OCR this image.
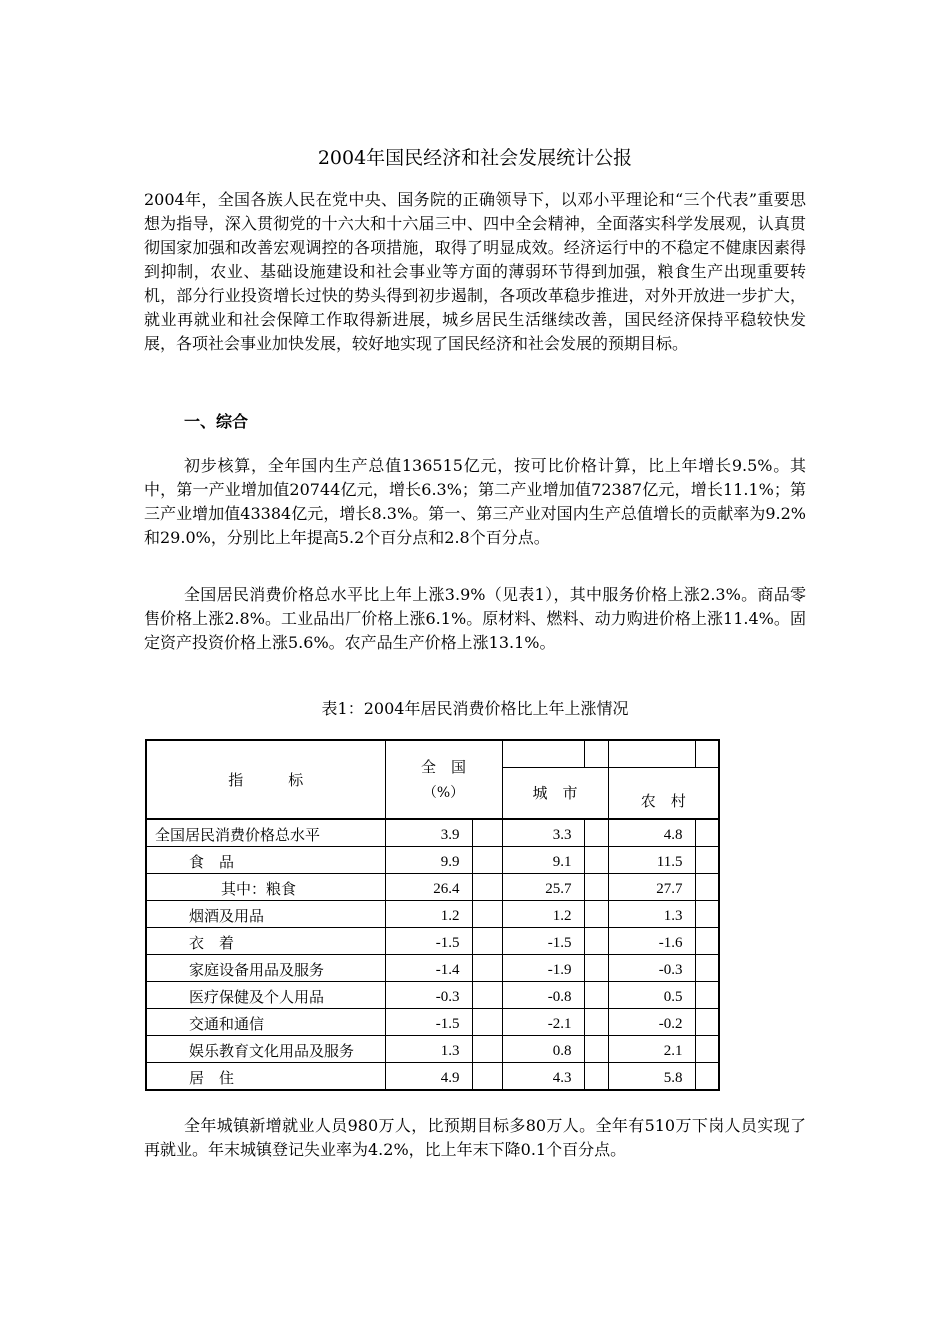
2004年国民经济和社会发展统计公报

2004年，全国各族人民在党中央、国务院的正确领导下，以邓小平理论和“三个代表”重要思想为指导，深入贯彻党的十六大和十六届三中、四中全会精神，全面落实科学发展观，认真贯彻国家加强和改善宏观调控的各项措施，取得了明显成效。经济运行中的不稳定不健康因素得到抑制，农业、基础设施建设和社会事业等方面的薄弱环节得到加强，粮食生产出现重要转机，部分行业投资增长过快的势头得到初步遏制，各项改革稳步推进，对外开放进一步扩大，就业再就业和社会保障工作取得新进展，城乡居民生活继续改善，国民经济保持平稳较快发展，各项社会事业加快发展，较好地实现了国民经济和社会发展的预期目标。

一、综合

初步核算，全年国内生产总值136515亿元，按可比价格计算，比上年增长9.5%。其中，第一产业增加值20744亿元，增长6.3%；第二产业增加值72387亿元，增长11.1%；第三产业增加值43384亿元，增长8.3%。第一、第三产业对国内生产总值增长的贡献率为9.2%和29.0%，分别比上年提高5.2个百分点和2.8个百分点。

全国居民消费价格总水平比上年上涨3.9%（见表1），其中服务价格上涨2.3%。商品零售价格上涨2.8%。工业品出厂价格上涨6.1%。原材料、燃料、动力购进价格上涨11.4%。固定资产投资价格上涨5.6%。农产品生产价格上涨13.1%。

表1：2004年居民消费价格比上年上涨情况
指　　　标	全　国
（%）					

			城　市		农　村	
全国居民消费价格总水平	3.9		3.3		4.8	
食　品	9.9		9.1		11.5	
其中：粮食	26.4		25.7		27.7	
烟酒及用品	1.2		1.2		1.3	
衣　着	-1.5		-1.5		-1.6	
家庭设备用品及服务	-1.4		-1.9		-0.3	
医疗保健及个人用品	-0.3		-0.8		0.5	
交通和通信	-1.5		-2.1		-0.2	
娱乐教育文化用品及服务	1.3		0.8		2.1	
居　住	4.9		4.3		5.8	

全年城镇新增就业人员980万人，比预期目标多80万人。全年有510万下岗人员实现了再就业。年末城镇登记失业率为4.2%，比上年末下降0.1个百分点。
